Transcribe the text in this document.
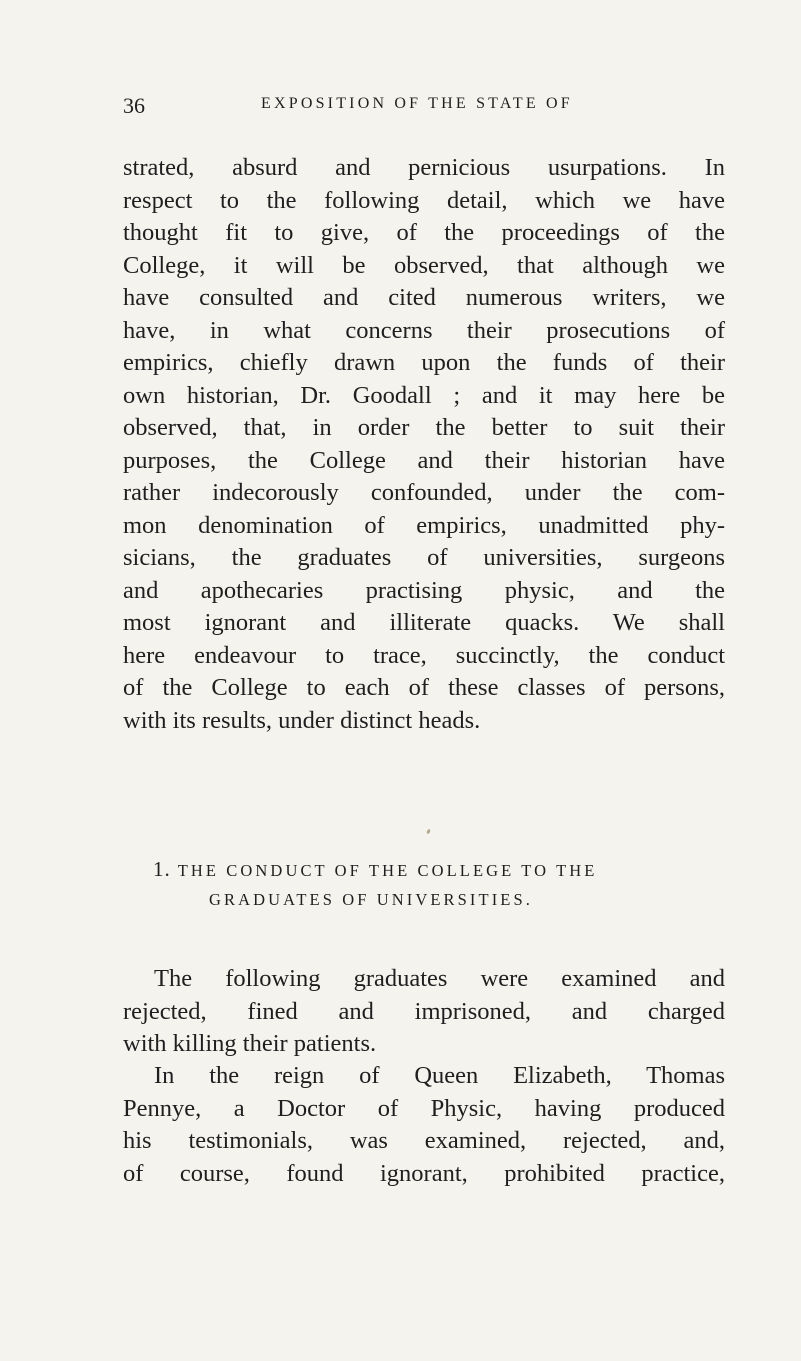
36	EXPOSITION OF THE STATE OF
strated, absurd and pernicious usurpations. In
respect to the following detail, which we have
thought fit to give, of the proceedings of the
College, it will be observed, that although we
have consulted and cited numerous writers, we
have, in what concerns their prosecutions of
empirics, chiefly drawn upon the funds of their
own historian, Dr. Goodall ; and it may here be
observed, that, in order the better to suit their
purposes, the College and their historian have
rather indecorously confounded, under the com-
mon denomination of empirics, unadmitted phy-
sicians, the graduates of universities, surgeons
and apothecaries practising physic, and the
most ignorant and illiterate quacks. We shall
here endeavour to trace, succinctly, the conduct
of the College to each of these classes of persons,
with its results, under distinct heads.
1. THE CONDUCT OF THE COLLEGE TO THE
GRADUATES OF UNIVERSITIES.
The following graduates were examined and
rejected, fined and imprisoned, and charged
with killing their patients.
In the reign of Queen Elizabeth, Thomas
Pennye, a Doctor of Physic, having produced
his testimonials, was examined, rejected, and,
of course, found ignorant, prohibited practice,
